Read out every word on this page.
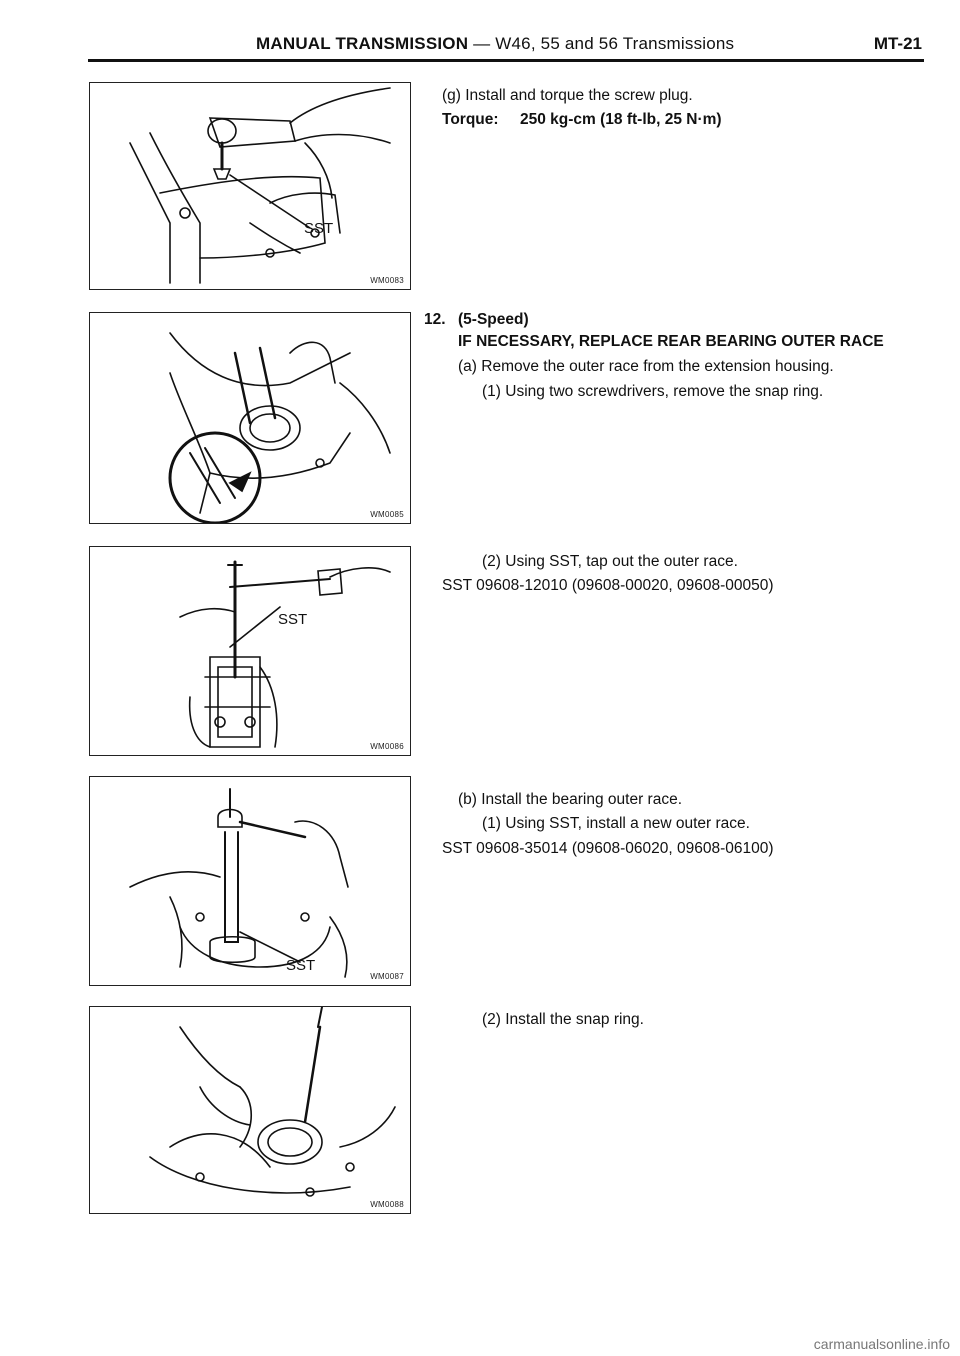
MANUAL TRANSMISSION — W46, 55 and 56 Transmissions	MT-21
SST
WM0083
WM0085
SST
WM0086
SST
WM0087
WM0088
(g) Install and torque the screw plug.
Torque: 250 kg-cm (18 ft-lb, 25 N·m)
12. (5-Speed)
IF NECESSARY, REPLACE REAR BEARING OUTER RACE
(a) Remove the outer race from the extension housing.
(1) Using two screwdrivers, remove the snap ring.
(2) Using SST, tap out the outer race.
SST 09608-12010 (09608-00020, 09608-00050)
(b) Install the bearing outer race.
(1) Using SST, install a new outer race.
SST 09608-35014 (09608-06020, 09608-06100)
(2) Install the snap ring.
carmanualsonline.info
